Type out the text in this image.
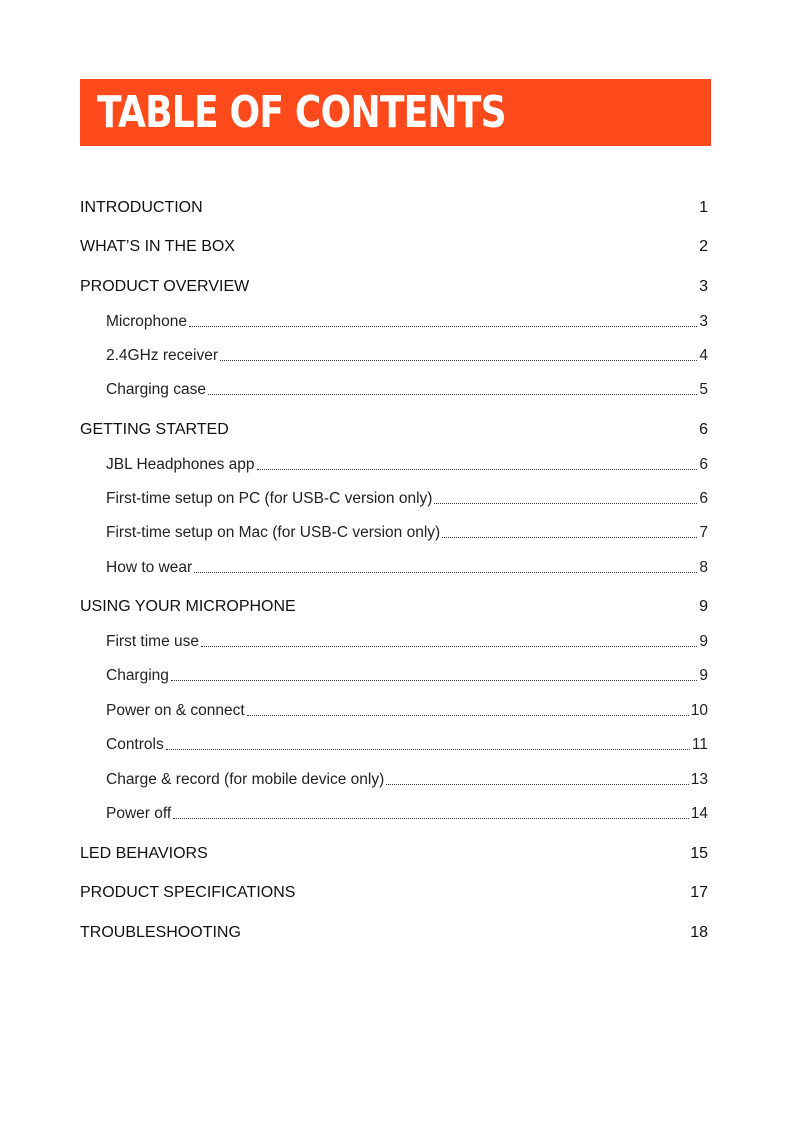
TABLE OF CONTENTS
INTRODUCTION	1
WHAT’S IN THE BOX	2
PRODUCT OVERVIEW	3
Microphone	3
2.4GHz receiver	4
Charging case	5
GETTING STARTED	6
JBL Headphones app	6
First-time setup on PC (for USB-C version only)	6
First-time setup on Mac (for USB-C version only)	7
How to wear	8
USING YOUR MICROPHONE	9
First time use	9
Charging	9
Power on & connect	10
Controls	11
Charge & record (for mobile device only)	13
Power off	14
LED BEHAVIORS	15
PRODUCT SPECIFICATIONS	17
TROUBLESHOOTING	18
